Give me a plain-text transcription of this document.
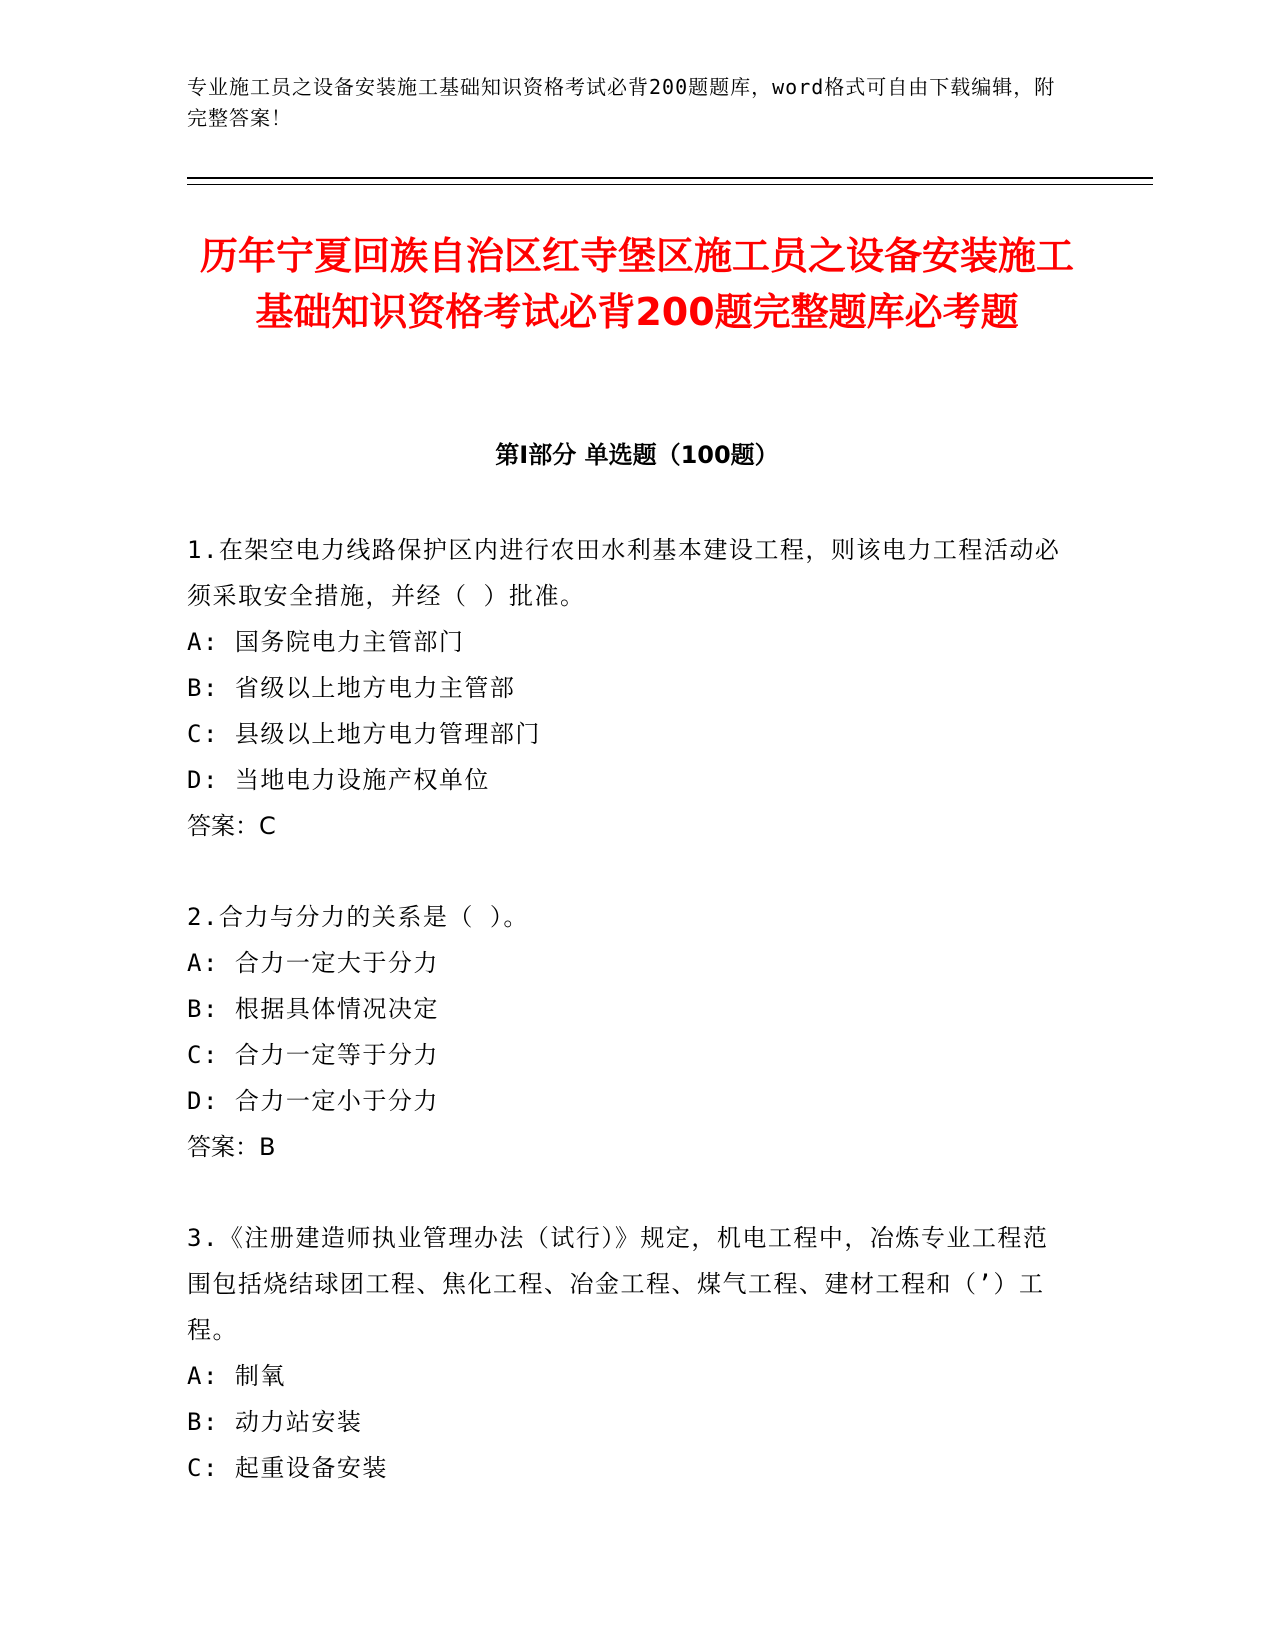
专业施工员之设备安装施工基础知识资格考试必背200题题库，word格式可自由下载编辑，附完整答案！
历年宁夏回族自治区红寺堡区施工员之设备安装施工基础知识资格考试必背200题完整题库必考题
第Ⅰ部分 单选题（100题）

1.在架空电力线路保护区内进行农田水利基本建设工程，则该电力工程活动必须采取安全措施，并经（ ）批准。

A: 国务院电力主管部门

B: 省级以上地方电力主管部

C: 县级以上地方电力管理部门

D: 当地电力设施产权单位

答案：C

2.合力与分力的关系是（ ）。

A: 合力一定大于分力

B: 根据具体情况决定

C: 合力一定等于分力

D: 合力一定小于分力

答案：B

3.《注册建造师执业管理办法（试行）》规定，机电工程中，冶炼专业工程范围包括烧结球团工程、焦化工程、冶金工程、煤气工程、建材工程和（’）工程。

A: 制氧

B: 动力站安装

C: 起重设备安装
